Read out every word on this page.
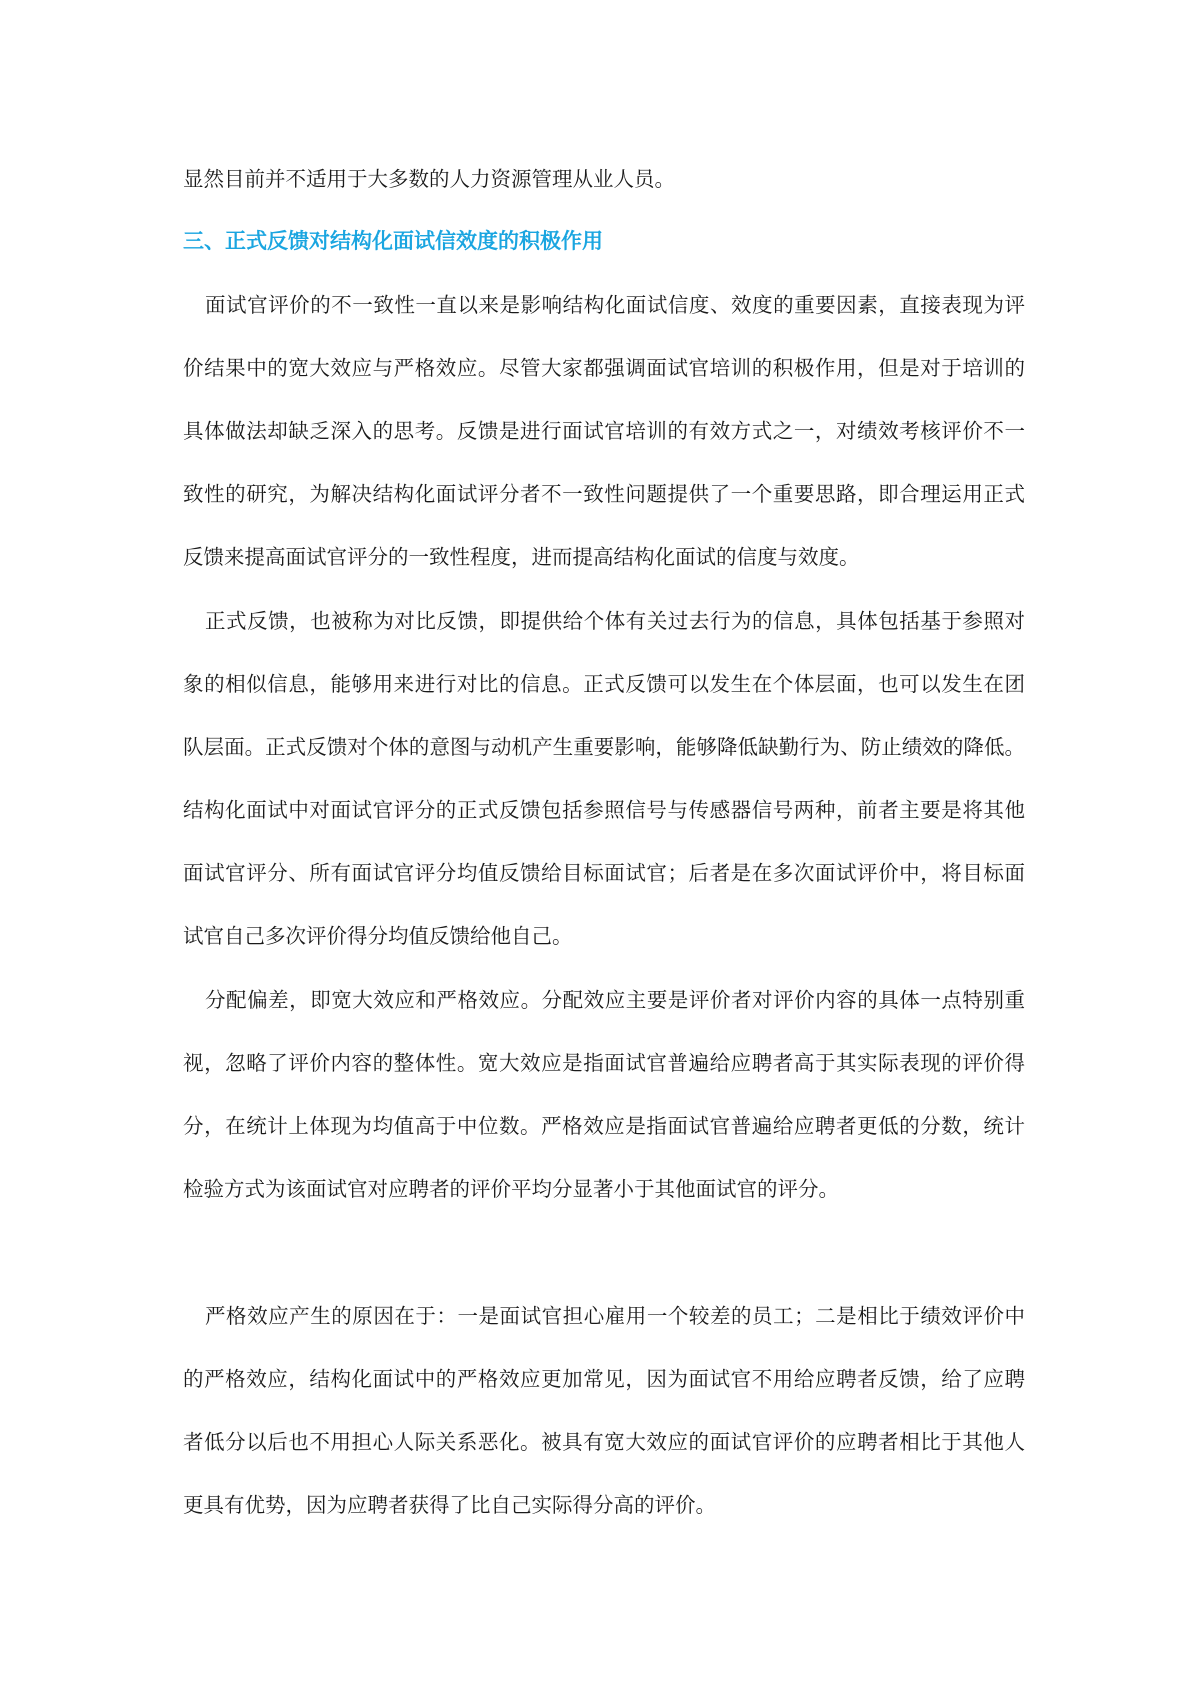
显然目前并不适用于大多数的人力资源管理从业人员。
三、正式反馈对结构化面试信效度的积极作用
面试官评价的不一致性一直以来是影响结构化面试信度、效度的重要因素，直接表现为评
价结果中的宽大效应与严格效应。尽管大家都强调面试官培训的积极作用，但是对于培训的
具体做法却缺乏深入的思考。反馈是进行面试官培训的有效方式之一，对绩效考核评价不一
致性的研究，为解决结构化面试评分者不一致性问题提供了一个重要思路，即合理运用正式
反馈来提高面试官评分的一致性程度，进而提高结构化面试的信度与效度。
正式反馈，也被称为对比反馈，即提供给个体有关过去行为的信息，具体包括基于参照对
象的相似信息，能够用来进行对比的信息。正式反馈可以发生在个体层面，也可以发生在团
队层面。正式反馈对个体的意图与动机产生重要影响，能够降低缺勤行为、防止绩效的降低。
结构化面试中对面试官评分的正式反馈包括参照信号与传感器信号两种，前者主要是将其他
面试官评分、所有面试官评分均值反馈给目标面试官；后者是在多次面试评价中，将目标面
试官自己多次评价得分均值反馈给他自己。
分配偏差，即宽大效应和严格效应。分配效应主要是评价者对评价内容的具体一点特别重
视，忽略了评价内容的整体性。宽大效应是指面试官普遍给应聘者高于其实际表现的评价得
分，在统计上体现为均值高于中位数。严格效应是指面试官普遍给应聘者更低的分数，统计
检验方式为该面试官对应聘者的评价平均分显著小于其他面试官的评分。
严格效应产生的原因在于：一是面试官担心雇用一个较差的员工；二是相比于绩效评价中
的严格效应，结构化面试中的严格效应更加常见，因为面试官不用给应聘者反馈，给了应聘
者低分以后也不用担心人际关系恶化。被具有宽大效应的面试官评价的应聘者相比于其他人
更具有优势，因为应聘者获得了比自己实际得分高的评价。
